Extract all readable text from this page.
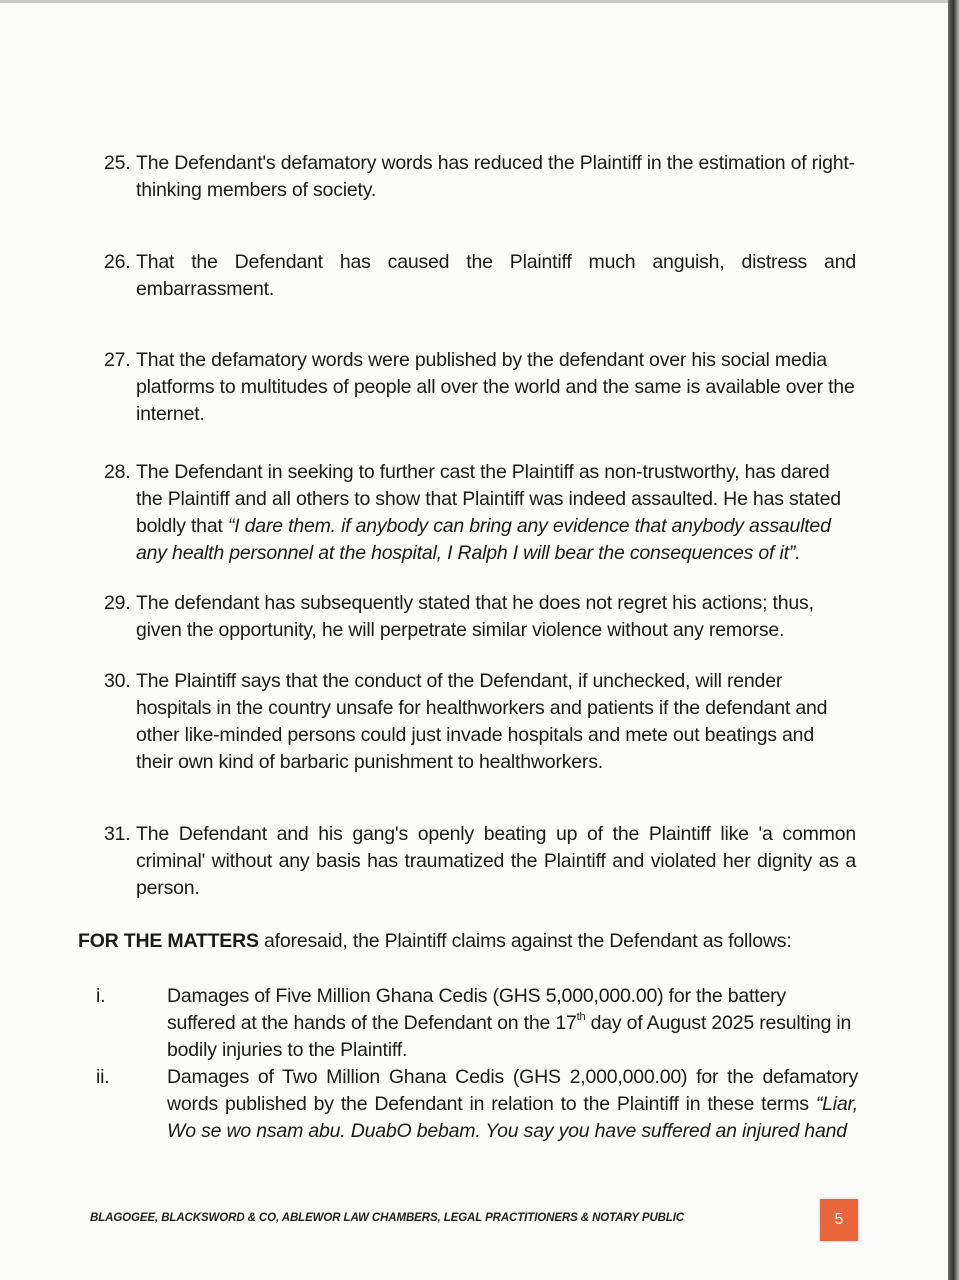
25. The Defendant's defamatory words has reduced the Plaintiff in the estimation of right-thinking members of society.
26. That the Defendant has caused the Plaintiff much anguish, distress and embarrassment.
27. That the defamatory words were published by the defendant over his social media platforms to multitudes of people all over the world and the same is available over the internet.
28. The Defendant in seeking to further cast the Plaintiff as non-trustworthy, has dared the Plaintiff and all others to show that Plaintiff was indeed assaulted. He has stated boldly that “I dare them. if anybody can bring any evidence that anybody assaulted any health personnel at the hospital, I Ralph I will bear the consequences of it”.
29. The defendant has subsequently stated that he does not regret his actions; thus, given the opportunity, he will perpetrate similar violence without any remorse.
30. The Plaintiff says that the conduct of the Defendant, if unchecked, will render hospitals in the country unsafe for healthworkers and patients if the defendant and other like-minded persons could just invade hospitals and mete out beatings and their own kind of barbaric punishment to healthworkers.
31. The Defendant and his gang's openly beating up of the Plaintiff like 'a common criminal' without any basis has traumatized the Plaintiff and violated her dignity as a person.
FOR THE MATTERS aforesaid, the Plaintiff claims against the Defendant as follows:
i.	Damages of Five Million Ghana Cedis (GHS 5,000,000.00) for the battery suffered at the hands of the Defendant on the 17th day of August 2025 resulting in bodily injuries to the Plaintiff.
ii.	Damages of Two Million Ghana Cedis (GHS 2,000,000.00) for the defamatory words published by the Defendant in relation to the Plaintiff in these terms “Liar, Wo se wo nsam abu. DuabO bebam. You say you have suffered an injured hand
BLAGOGEE, BLACKSWORD & CO, ABLEWOR LAW CHAMBERS, LEGAL PRACTITIONERS & NOTARY PUBLIC	5
